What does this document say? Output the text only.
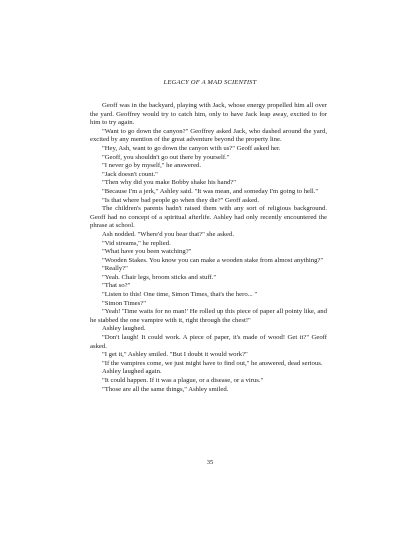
LEGACY OF A MAD SCIENTIST

Geoff was in the backyard, playing with Jack, whose energy propelled him all over the yard. Geoffrey would try to catch him, only to have Jack leap away, excited to for him to try again.

"Want to go down the canyon?" Geoffrey asked Jack, who dashed around the yard, excited by any mention of the great adventure beyond the property line.

"Hey, Ash, want to go down the canyon with us?" Geoff asked her.

"Geoff, you shouldn't go out there by yourself."

"I never go by myself," he answered.

"Jack doesn't count."

"Then why did you make Bobby shake his hand?"

"Because I'm a jerk," Ashley said. "It was mean, and someday I'm going to hell."

"Is that where bad people go when they die?" Geoff asked.

The children's parents hadn't raised them with any sort of religious background. Geoff had no concept of a spiritual afterlife. Ashley had only recently encountered the phrase at school.

Ash nodded. "Where'd you hear that?" she asked.

"Vid streams," he replied.

"What have you been watching?"

"Wooden Stakes. You know you can make a wooden stake from almost anything?"

"Really?"

"Yeah. Chair legs, broom sticks and stuff."

"That so?"

"Listen to this! One time, Simon Times, that's the hero... "

"Simon Times?"

"Yeah! 'Time waits for no man!' He rolled up this piece of paper all pointy like, and he stabbed the one vampire with it, right through the chest!"

Ashley laughed.

"Don't laugh! It could work. A piece of paper, it's made of wood! Get it?" Geoff asked.

"I get it," Ashley smiled. "But I doubt it would work?"

"If the vampires come, we just might have to find out," he answered, dead serious.

Ashley laughed again.

"It could happen. If it was a plague, or a disease, or a virus."

"Those are all the same things," Ashley smiled.

35
